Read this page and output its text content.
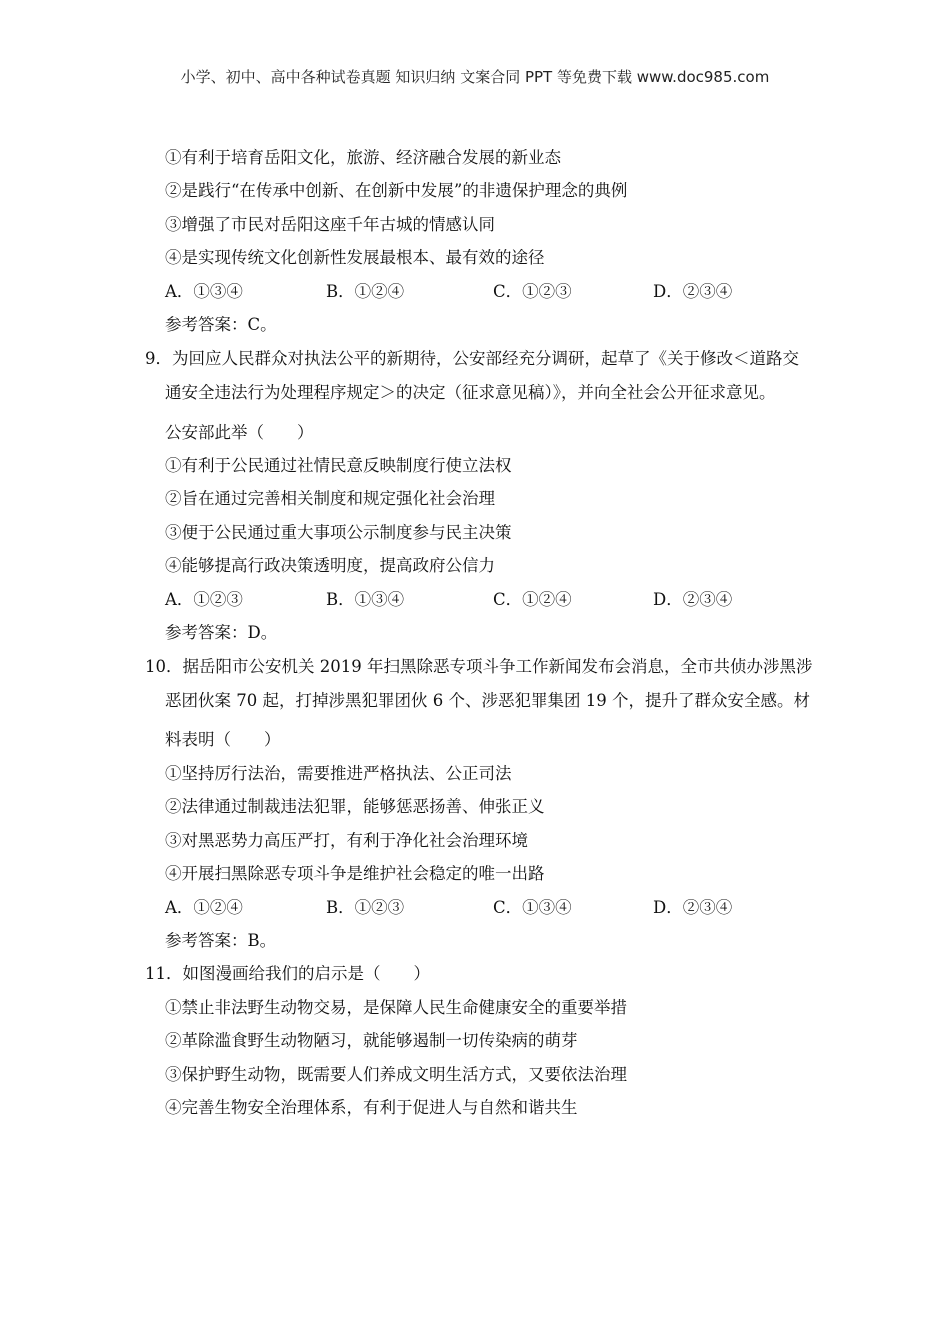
小学、初中、高中各种试卷真题 知识归纳 文案合同 PPT 等免费下载 www.doc985.com
①有利于培育岳阳文化，旅游、经济融合发展的新业态
②是践行“在传承中创新、在创新中发展”的非遗保护理念的典例
③增强了市民对岳阳这座千年古城的情感认同
④是实现传统文化创新性发展最根本、最有效的途径
A．①③④	B．①②④	C．①②③	D．②③④
参考答案：C。
9．为回应人民群众对执法公平的新期待，公安部经充分调研，起草了《关于修改＜道路交
通安全违法行为处理程序规定＞的决定（征求意见稿）》，并向全社会公开征求意见。
公安部此举（　　）
①有利于公民通过社情民意反映制度行使立法权
②旨在通过完善相关制度和规定强化社会治理
③便于公民通过重大事项公示制度参与民主决策
④能够提高行政决策透明度，提高政府公信力
A．①②③	B．①③④	C．①②④	D．②③④
参考答案：D。
10．据岳阳市公安机关 2019 年扫黑除恶专项斗争工作新闻发布会消息，全市共侦办涉黑涉
恶团伙案 70 起，打掉涉黑犯罪团伙 6 个、涉恶犯罪集团 19 个，提升了群众安全感。材
料表明（　　）
①坚持厉行法治，需要推进严格执法、公正司法
②法律通过制裁违法犯罪，能够惩恶扬善、伸张正义
③对黑恶势力高压严打，有利于净化社会治理环境
④开展扫黑除恶专项斗争是维护社会稳定的唯一出路
A．①②④	B．①②③	C．①③④	D．②③④
参考答案：B。
11．如图漫画给我们的启示是（　　）
①禁止非法野生动物交易，是保障人民生命健康安全的重要举措
②革除滥食野生动物陋习，就能够遏制一切传染病的萌芽
③保护野生动物，既需要人们养成文明生活方式，又要依法治理
④完善生物安全治理体系，有利于促进人与自然和谐共生
